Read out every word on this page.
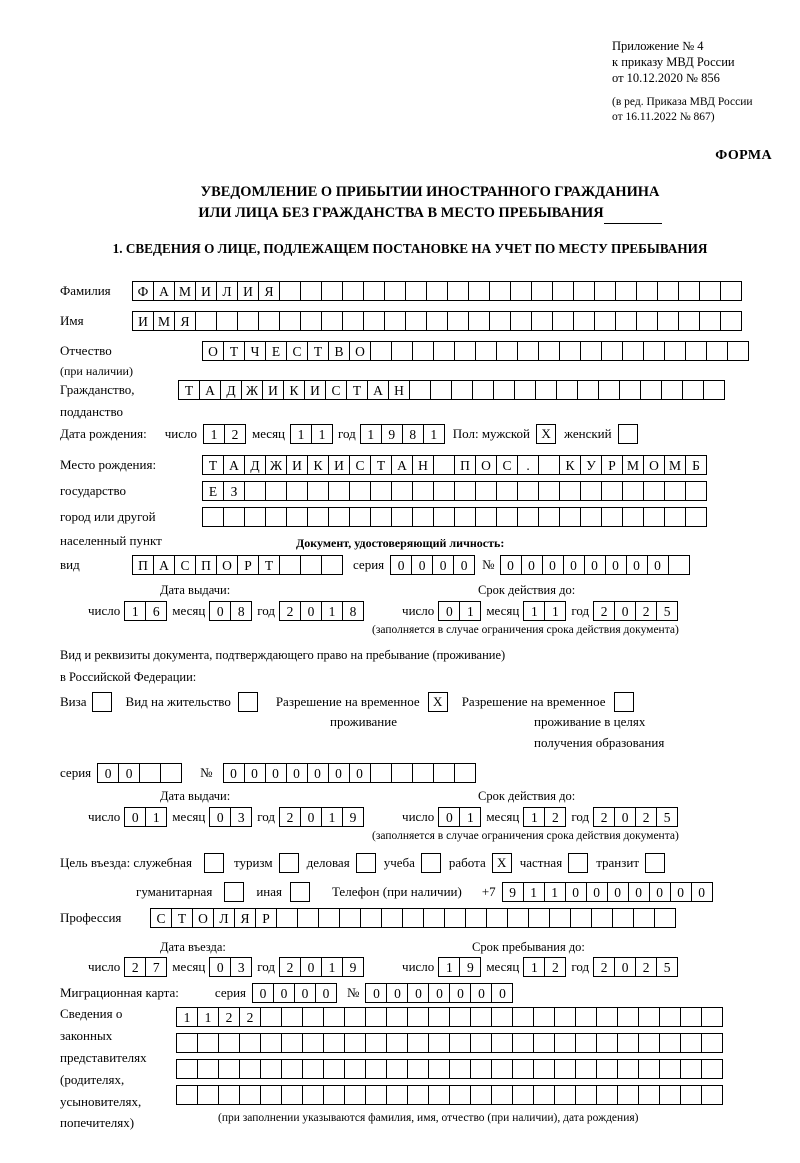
Приложение № 4
к приказу МВД России
от 10.12.2020 № 856
(в ред. Приказа МВД России
от 16.11.2022 № 867)
ФОРМА
УВЕДОМЛЕНИЕ О ПРИБЫТИИ ИНОСТРАННОГО ГРАЖДАНИНА
ИЛИ ЛИЦА БЕЗ ГРАЖДАНСТВА В МЕСТО ПРЕБЫВАНИЯ
1. СВЕДЕНИЯ О ЛИЦЕ, ПОДЛЕЖАЩЕМ ПОСТАНОВКЕ НА УЧЕТ ПО МЕСТУ ПРЕБЫВАНИЯ
Фамилия	Ф А М И Л И Я
Имя	И М Я
Отчество	О Т Ч Е С Т В О
(при наличии)
Гражданство,	Т А Д Ж И К И С Т А Н
подданство
Дата рождения: число	1	2	месяц 1	1 год 1	9	8	1	Пол: мужской X	женский
Место рождения:	Т А Д Ж И К И С Т А Н	П О С	.	К У Р М О М Б
государство	Е З
город или другой
населенный пункт	Документ, удостоверяющий личность:
вид	П А С П О Р Т	серия	0	0	0	0	№ 0	0	0	0	0	0	0	0
Дата выдачи:	Срок действия до:
число 1	6 месяц 0	8 год 2	0	1	8	число 0	1 месяц 1	1 год 2	0	2	5
(заполняется в случае ограничения срока действия документа)
Вид и реквизиты документа, подтверждающего право на пребывание (проживание)
в Российской Федерации:
Виза	Вид на жительство	Разрешение на временное	X	Разрешение на временное
проживание	проживание в целях
получения образования
серия	0	0	№	0	0	0	0	0	0	0
Дата выдачи:	Срок действия до:
число 0	1 месяц 0	3 год 2	0	1	9	число 0	1 месяц 1	2 год 2	0	2	5
(заполняется в случае ограничения срока действия документа)
Цель въезда: служебная	туризм	деловая	учеба	работа X	частная	транзит
гуманитарная	иная	Телефон (при наличии) +7	9	1	1	0	0	0	0	0	0	0
Профессия	С Т О Л Я Р
Дата въезда:	Срок пребывания до:
число 2	7 месяц 0	3 год 2	0	1	9	число 1	9 месяц 1	2 год 2	0	2	5
Миграционная карта:	серия	0	0	0	0	№	0	0	0	0	0	0	0
Сведения о
законных
представителях
(родителях,
усыновителях,
попечителях)
1	1	2	2
(при заполнении указываются фамилия, имя, отчество (при наличии), дата рождения)
